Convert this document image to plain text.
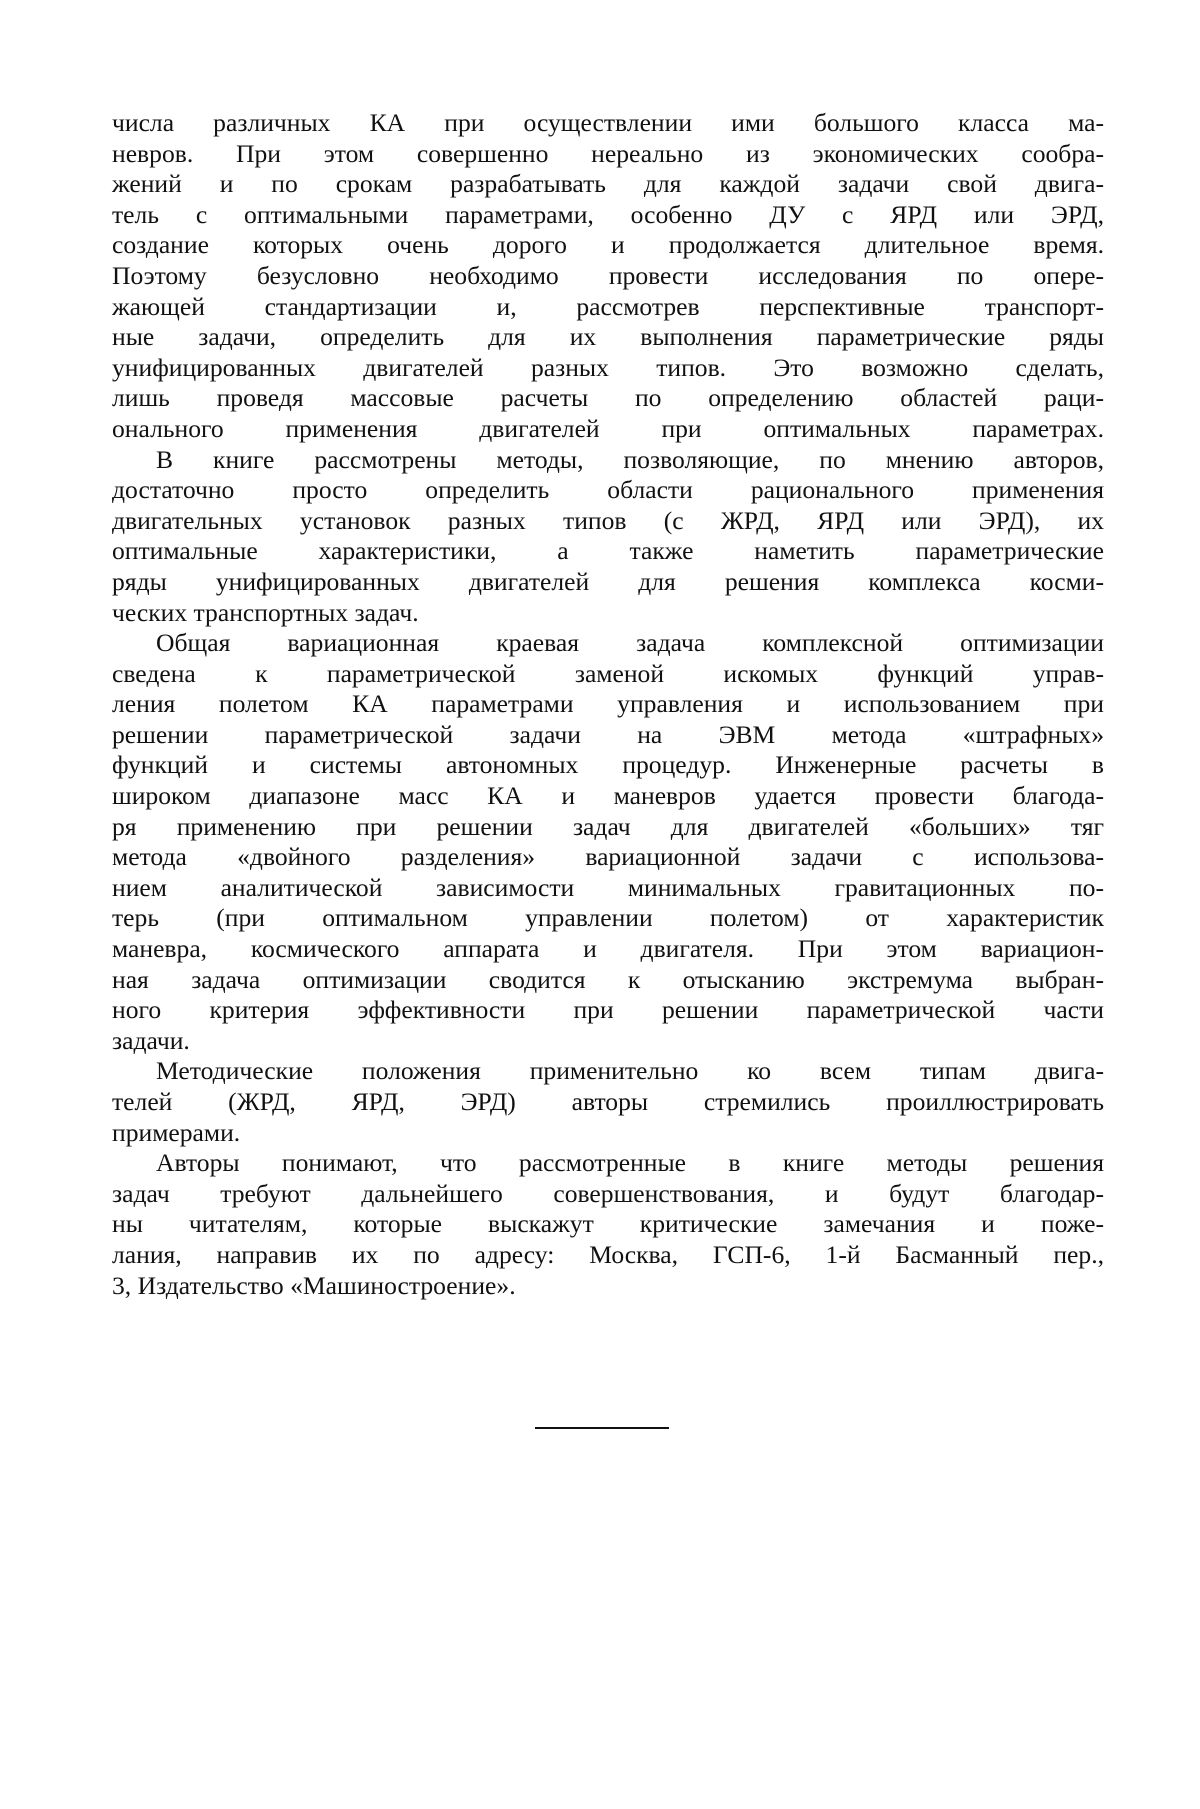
числа различных КА при осуществлении ими большого класса ма-
невров. При этом совершенно нереально из экономических сообра-
жений и по срокам разрабатывать для каждой задачи свой двига-
тель с оптимальными параметрами, особенно ДУ с ЯРД или ЭРД,
создание которых очень дорого и продолжается длительное время.
Поэтому безусловно необходимо провести исследования по опере-
жающей стандартизации и, рассмотрев перспективные транспорт-
ные задачи, определить для их выполнения параметрические ряды
унифицированных двигателей разных типов. Это возможно сделать,
лишь проведя массовые расчеты по определению областей раци-
онального применения двигателей при оптимальных параметрах.
В книге рассмотрены методы, позволяющие, по мнению авторов,
достаточно просто определить области рационального применения
двигательных установок разных типов (с ЖРД, ЯРД или ЭРД), их
оптимальные характеристики, а также наметить параметрические
ряды унифицированных двигателей для решения комплекса косми-
ческих транспортных задач.
Общая вариационная краевая задача комплексной оптимизации
сведена к параметрической заменой искомых функций управ-
ления полетом КА параметрами управления и использованием при
решении параметрической задачи на ЭВМ метода «штрафных»
функций и системы автономных процедур. Инженерные расчеты в
широком диапазоне масс КА и маневров удается провести благода-
ря применению при решении задач для двигателей «больших» тяг
метода «двойного разделения» вариационной задачи с использова-
нием аналитической зависимости минимальных гравитационных по-
терь (при оптимальном управлении полетом) от характеристик
маневра, космического аппарата и двигателя. При этом вариацион-
ная задача оптимизации сводится к отысканию экстремума выбран-
ного критерия эффективности при решении параметрической части
задачи.
Методические положения применительно ко всем типам двига-
телей (ЖРД, ЯРД, ЭРД) авторы стремились проиллюстрировать
примерами.
Авторы понимают, что рассмотренные в книге методы решения
задач требуют дальнейшего совершенствования, и будут благодар-
ны читателям, которые выскажут критические замечания и поже-
лания, направив их по адресу: Москва, ГСП-6, 1-й Басманный пер.,
3, Издательство «Машиностроение».
